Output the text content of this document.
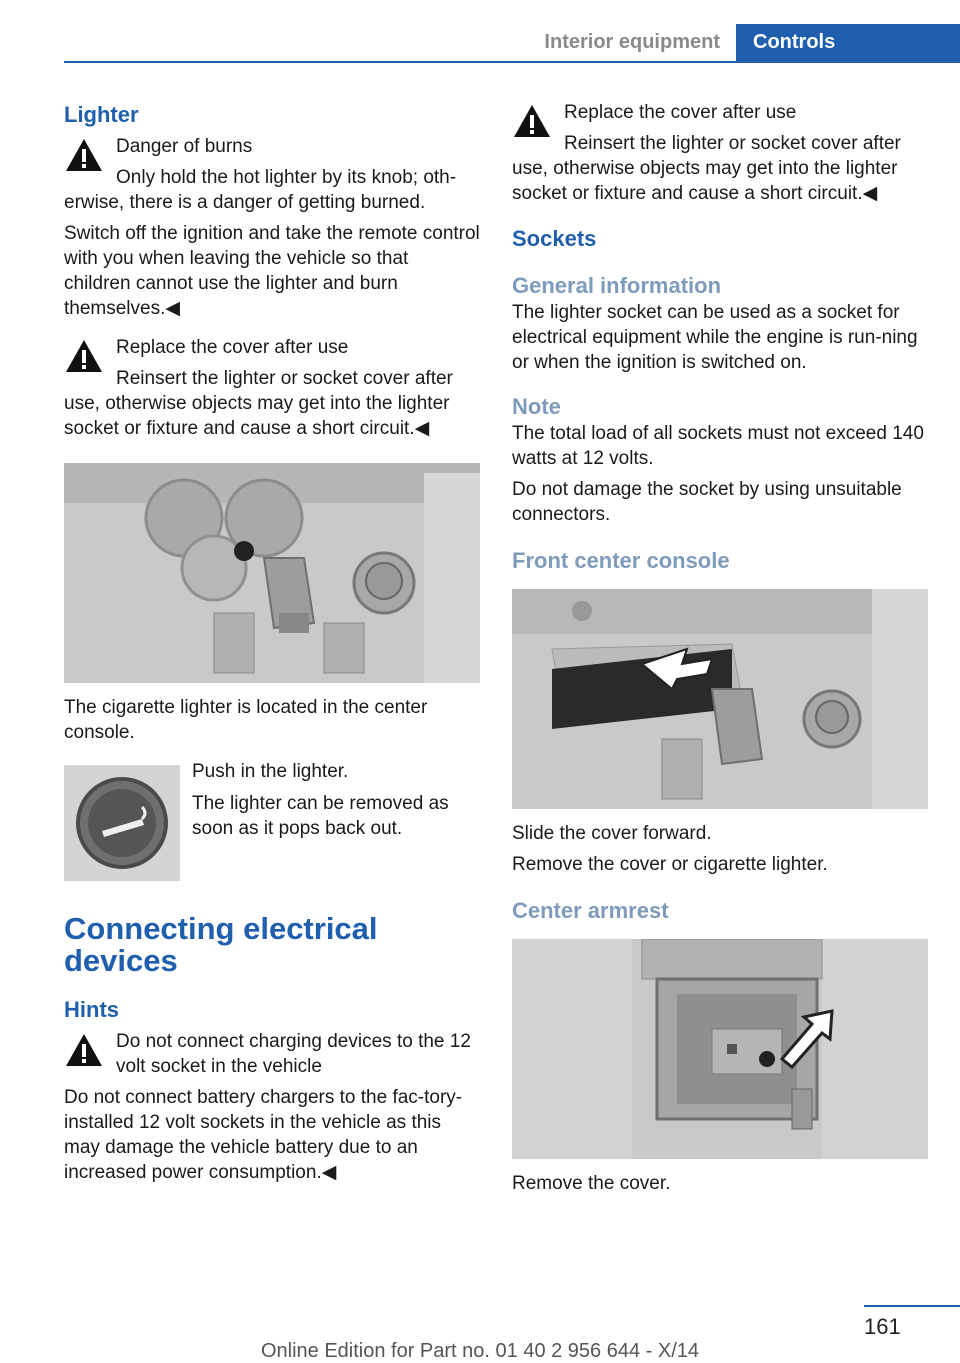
Interior equipment	Controls
Lighter

Danger of burns

Only hold the hot lighter by its knob; oth-

erwise, there is a danger of getting burned.

Switch off the ignition and take the remote control with you when leaving the vehicle so that children cannot use the lighter and burn themselves.◀

Replace the cover after use

Reinsert the lighter or socket cover after

use, otherwise objects may get into the lighter socket or fixture and cause a short circuit.◀

The cigarette lighter is located in the center console.

Push in the lighter.

The lighter can be removed as soon as it pops back out.

Connecting electrical devices
Hints

Do not connect charging devices to the 12 volt socket in the vehicle

Do not connect battery chargers to the fac-tory-installed 12 volt sockets in the vehicle as this may damage the vehicle battery due to an increased power consumption.◀

Replace the cover after use

Reinsert the lighter or socket cover after

use, otherwise objects may get into the lighter socket or fixture and cause a short circuit.◀

Sockets
General information

The lighter socket can be used as a socket for electrical equipment while the engine is run-ning or when the ignition is switched on.

Note

The total load of all sockets must not exceed 140 watts at 12 volts.

Do not damage the socket by using unsuitable connectors.

Front center console

Slide the cover forward.

Remove the cover or cigarette lighter.

Center armrest

Remove the cover.

161
Online Edition for Part no. 01 40 2 956 644 - X/14
